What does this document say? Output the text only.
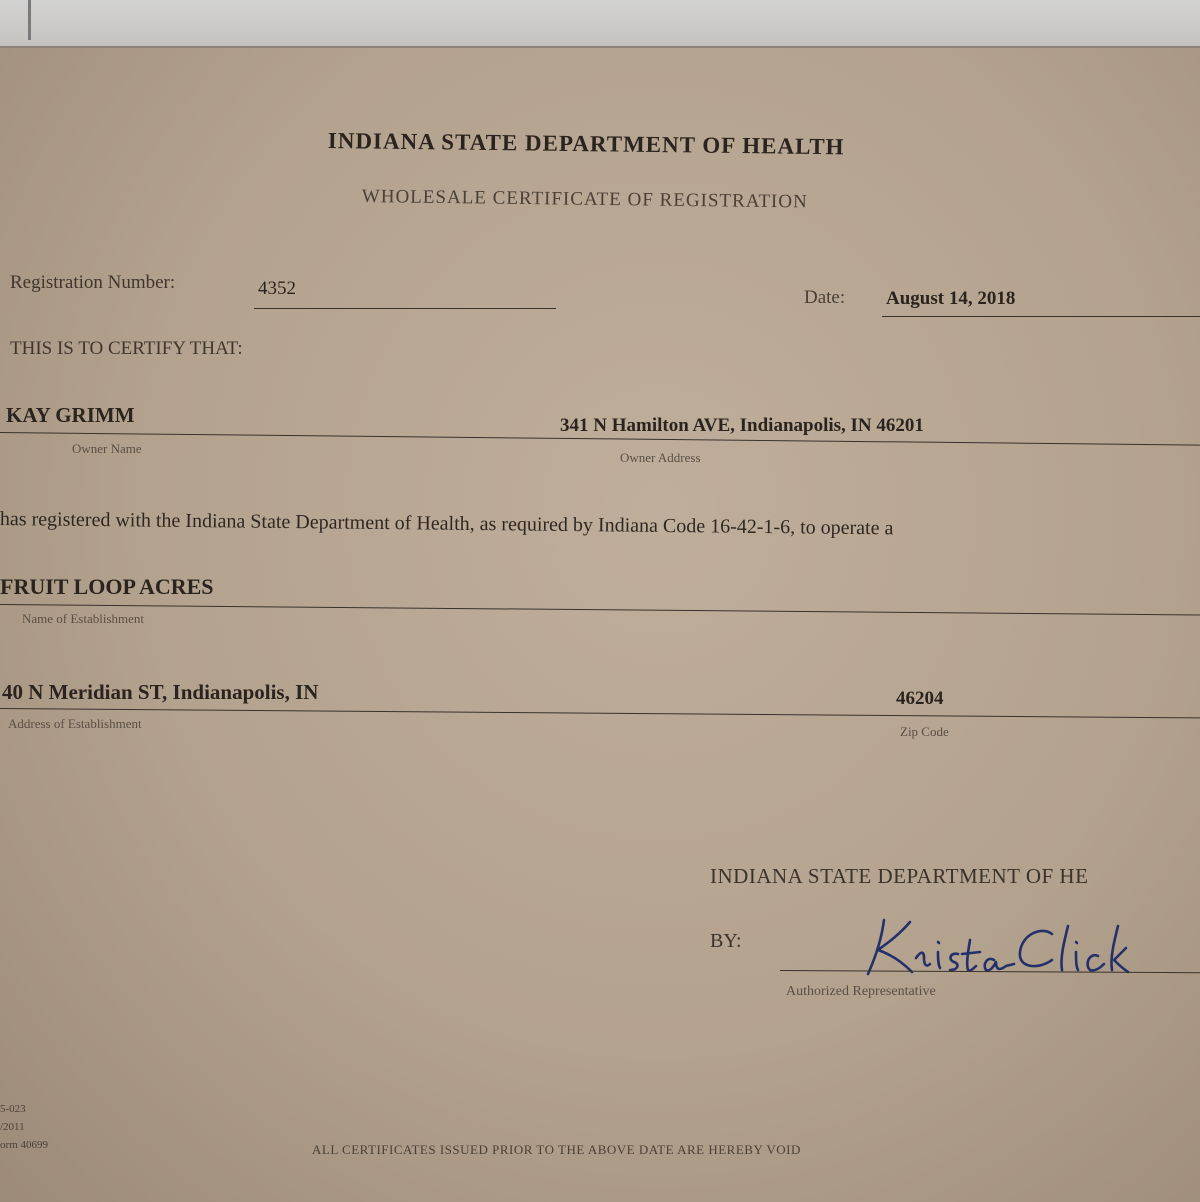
INDIANA STATE DEPARTMENT OF HEALTH
WHOLESALE CERTIFICATE OF REGISTRATION
Registration Number:	4352	Date: August 14, 2018
THIS IS TO CERTIFY THAT:
KAY GRIMM	341 N Hamilton AVE, Indianapolis, IN 46201
Owner Name
Owner Address
has registered with the Indiana State Department of Health, as required by Indiana Code 16-42-1-6, to operate a
FRUIT LOOP ACRES
Name of Establishment
40 N Meridian ST, Indianapolis, IN	46204
Address of Establishment
Zip Code
INDIANA STATE DEPARTMENT OF HE
BY:
Authorized Representative
5-023
/2011
orm 40699	ALL CERTIFICATES ISSUED PRIOR TO THE ABOVE DATE ARE HEREBY VOID
